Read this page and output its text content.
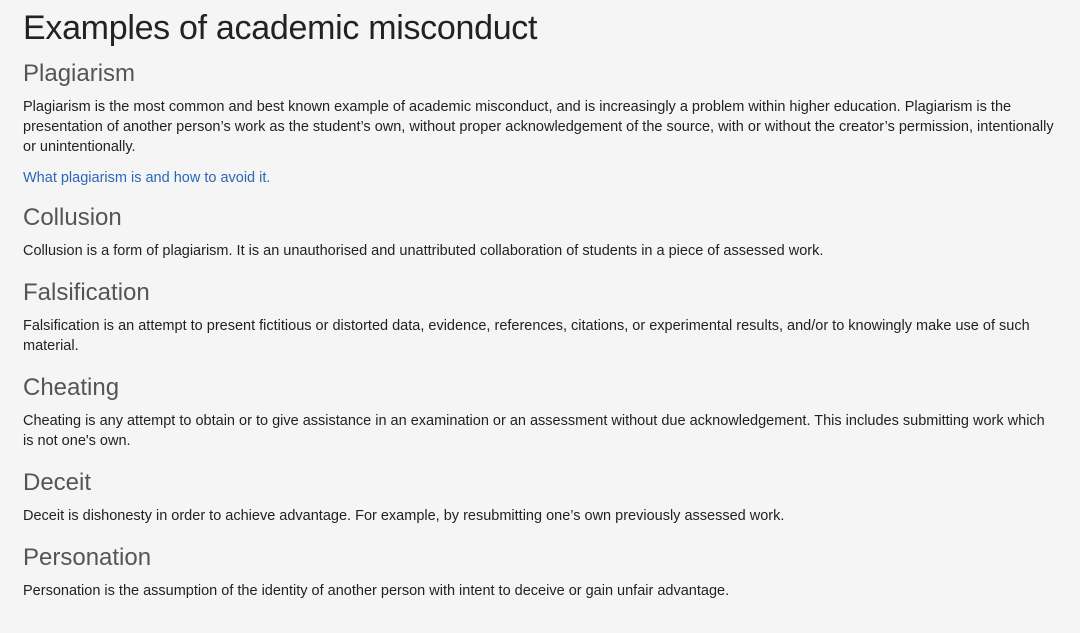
Examples of academic misconduct
Plagiarism

Plagiarism is the most common and best known example of academic misconduct, and is increasingly a problem within higher education. Plagiarism is the presentation of another person’s work as the student’s own, without proper acknowledgement of the source, with or without the creator’s permission, intentionally or unintentionally.

What plagiarism is and how to avoid it.
Collusion

Collusion is a form of plagiarism. It is an unauthorised and unattributed collaboration of students in a piece of assessed work.

Falsification

Falsification is an attempt to present fictitious or distorted data, evidence, references, citations, or experimental results, and/or to knowingly make use of such material.

Cheating

Cheating is any attempt to obtain or to give assistance in an examination or an assessment without due acknowledgement. This includes submitting work which is not one's own.

Deceit

Deceit is dishonesty in order to achieve advantage. For example, by resubmitting one’s own previously assessed work.

Personation

Personation is the assumption of the identity of another person with intent to deceive or gain unfair advantage.
